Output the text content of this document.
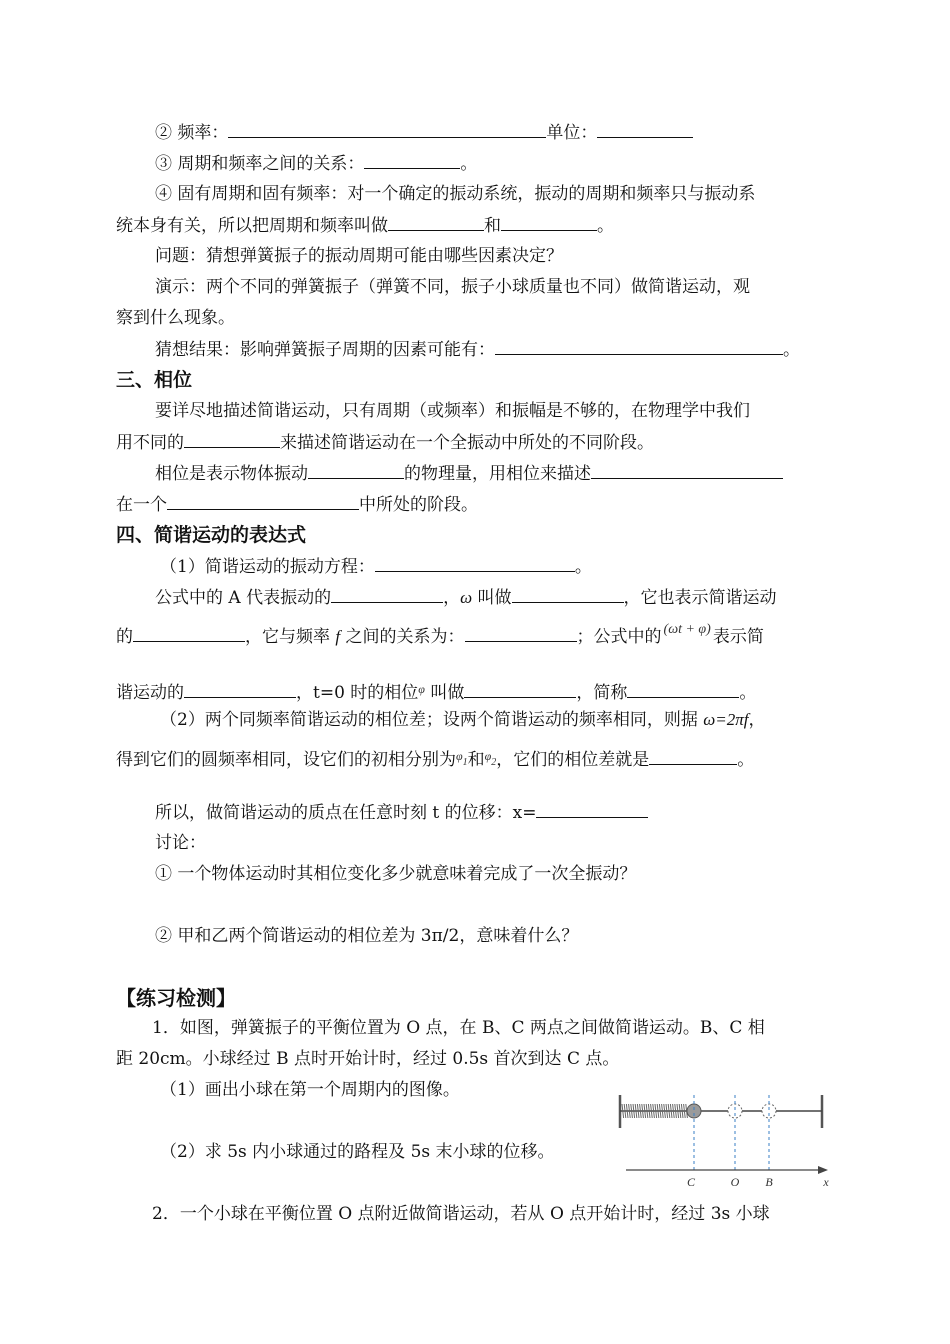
② 频率：	单位：
③ 周期和频率之间的关系：	。
④ 固有周期和固有频率：对一个确定的振动系统，振动的周期和频率只与振动系
统本身有关，所以把周期和频率叫做	和	。
问题：猜想弹簧振子的振动周期可能由哪些因素决定？
演示：两个不同的弹簧振子（弹簧不同，振子小球质量也不同）做简谐运动，观
察到什么现象。
猜想结果：影响弹簧振子周期的因素可能有：	。
三、相位
要详尽地描述简谐运动，只有周期（或频率）和振幅是不够的，在物理学中我们
用不同的	来描述简谐运动在一个全振动中所处的不同阶段。
相位是表示物体振动	的物理量，用相位来描述
在一个	中所处的阶段。
四、简谐运动的表达式
（1）简谐运动的振动方程：	。
公式中的 A 代表振动的	，ω 叫做	，它也表示简谐运动
的	，它与频率 f 之间的关系为：	；公式中的 $^{(\omega t + \varphi)}$ 表示简
谐运动的	，t=0 时的相位$^\varphi$ 叫做	，简称	。
（2）两个同频率简谐运动的相位差；设两个简谐运动的频率相同，则据 ω=2πf，
得到它们的圆频率相同，设它们的初相分别为$^\varphi$1和$^\varphi$2，它们的相位差就是	。
所以，做简谐运动的质点在任意时刻 t 的位移：x=
讨论：
① 一个物体运动时其相位变化多少就意味着完成了一次全振动？
② 甲和乙两个简谐运动的相位差为 3π/2，意味着什么？
【练习检测】
1．如图，弹簧振子的平衡位置为 O 点，在 B、C 两点之间做简谐运动。B、C 相
距 20cm。小球经过 B 点时开始计时，经过 0.5s 首次到达 C 点。
（1）画出小球在第一个周期内的图像。
（2）求 5s 内小球通过的路程及 5s 末小球的位移。
C	O B	x
2．一个小球在平衡位置 O 点附近做简谐运动，若从 O 点开始计时，经过 3s 小球
